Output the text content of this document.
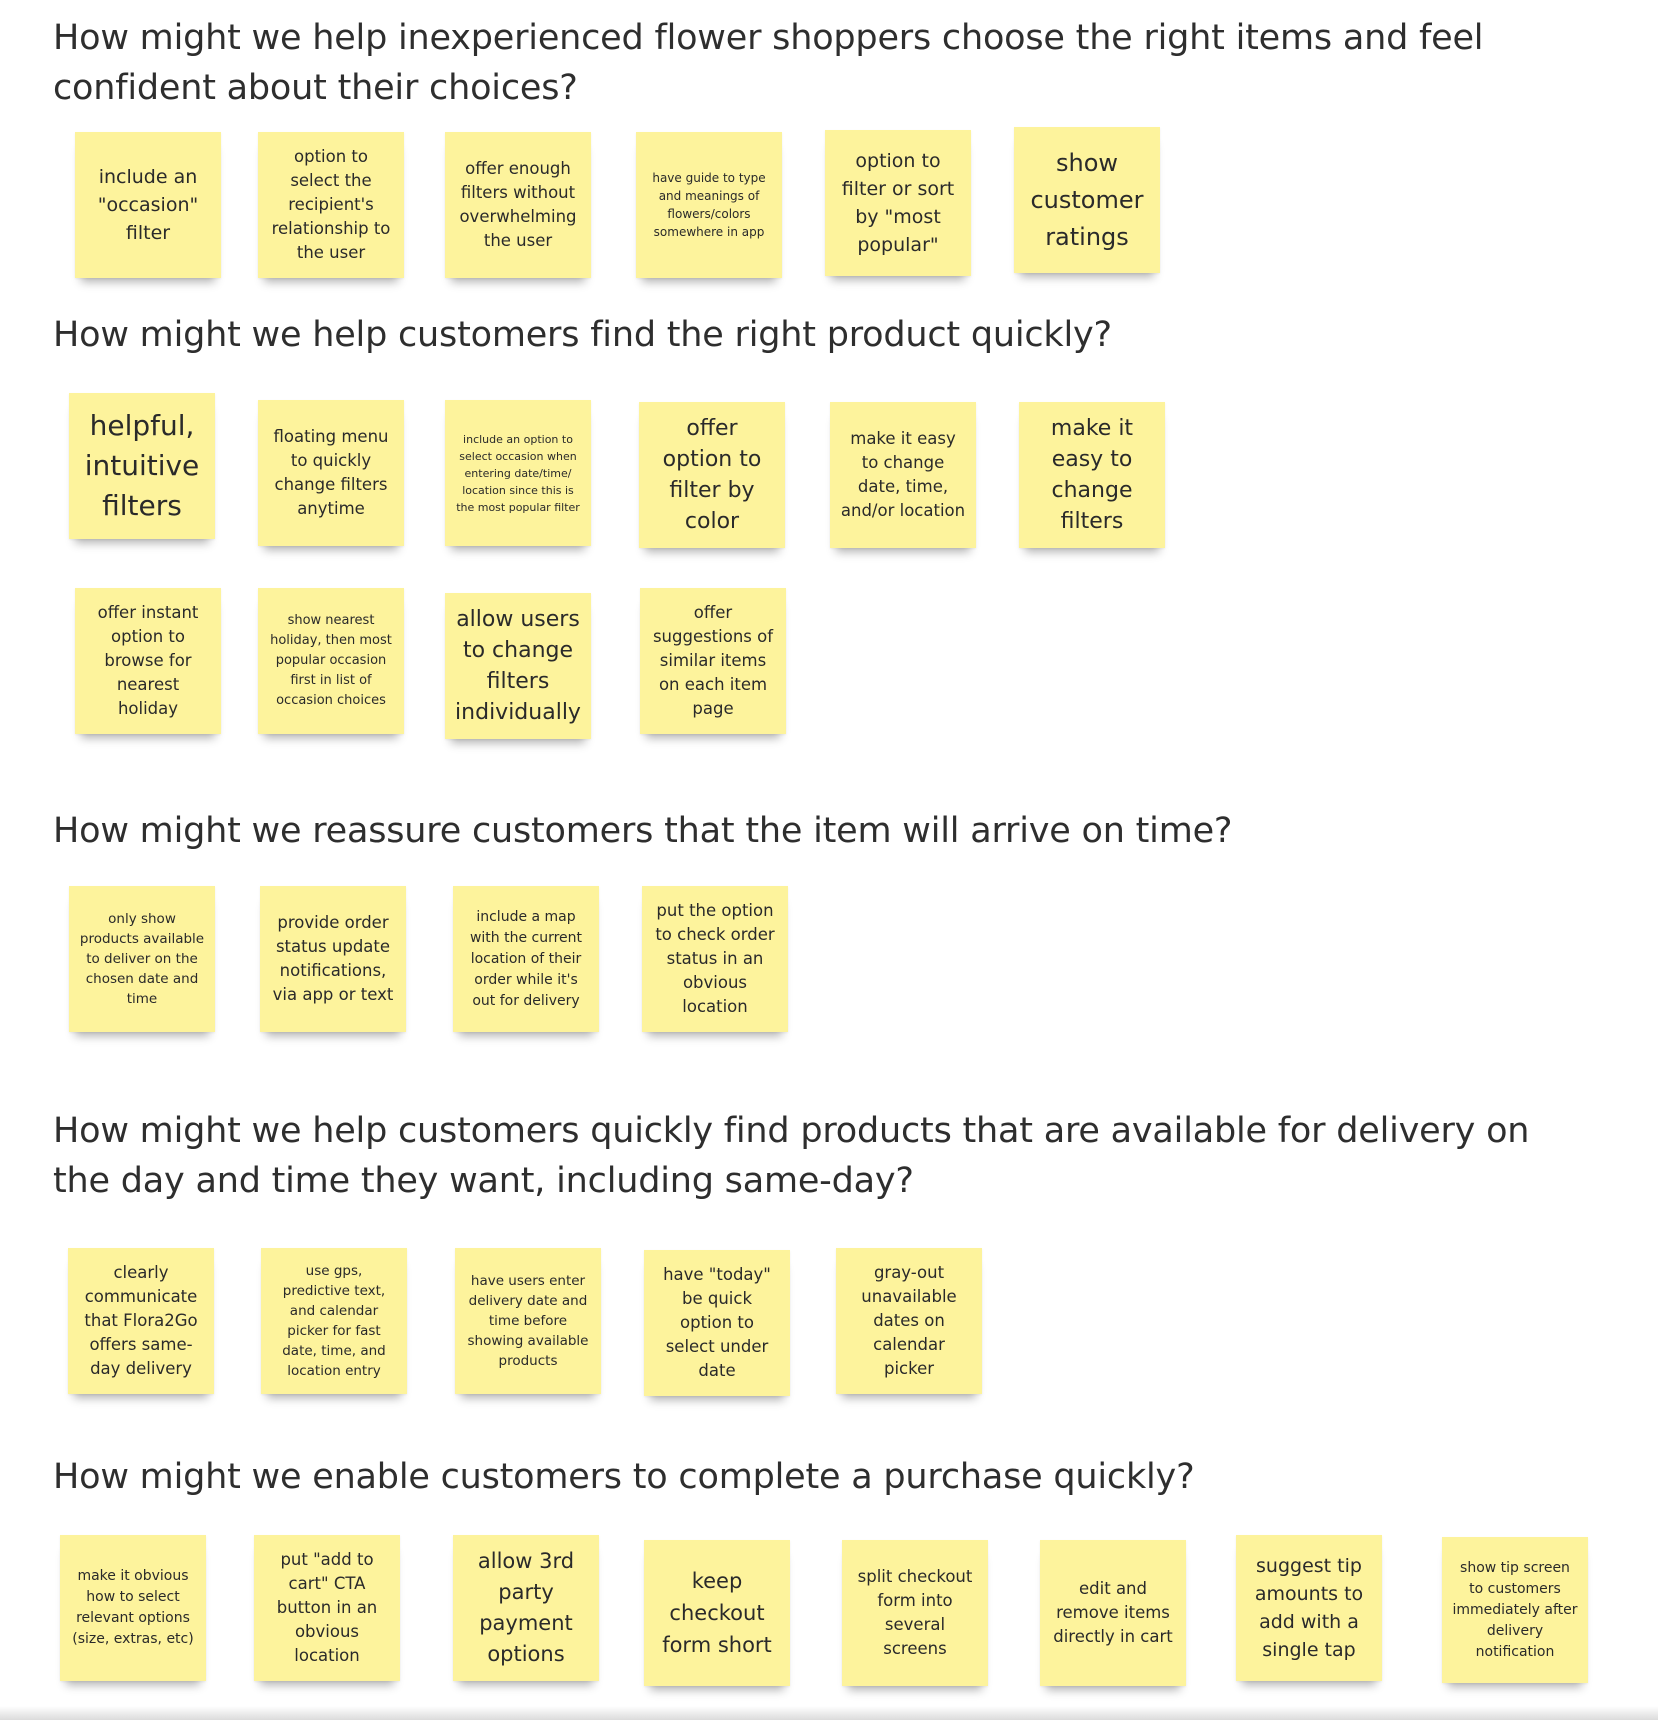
How might we help inexperienced flower shoppers choose the right items and feel confident about their choices?
include an "occasion" filter
option to select the recipient's relationship to the user
offer enough filters without overwhelming the user
have guide to type and meanings of flowers/colors somewhere in app
option to filter or sort by "most popular"
show customer ratings
How might we help customers find the right product quickly?
helpful, intuitive filters
floating menu to quickly change filters anytime
include an option to select occasion when entering date/time/ location since this is the most popular filter
offer option to filter by color
make it easy to change date, time, and/or location
make it easy to change filters
offer instant option to browse for nearest holiday
show nearest holiday, then most popular occasion first in list of occasion choices
allow users to change filters individually
offer suggestions of similar items on each item page
How might we reassure customers that the item will arrive on time?
only show products available to deliver on the chosen date and time
provide order status update notifications, via app or text
include a map with the current location of their order while it's out for delivery
put the option to check order status in an obvious location
How might we help customers quickly find products that are available for delivery on the day and time they want, including same-day?
clearly communicate that Flora2Go offers same-day delivery
use gps, predictive text, and calendar picker for fast date, time, and location entry
have users enter delivery date and time before showing available products
have "today" be quick option to select under date
gray-out unavailable dates on calendar picker
How might we enable customers to complete a purchase quickly?
make it obvious how to select relevant options (size, extras, etc)
put "add to cart" CTA button in an obvious location
allow 3rd party payment options
keep checkout form short
split checkout form into several screens
edit and remove items directly in cart
suggest tip amounts to add with a single tap
show tip screen to customers immediately after delivery notification
